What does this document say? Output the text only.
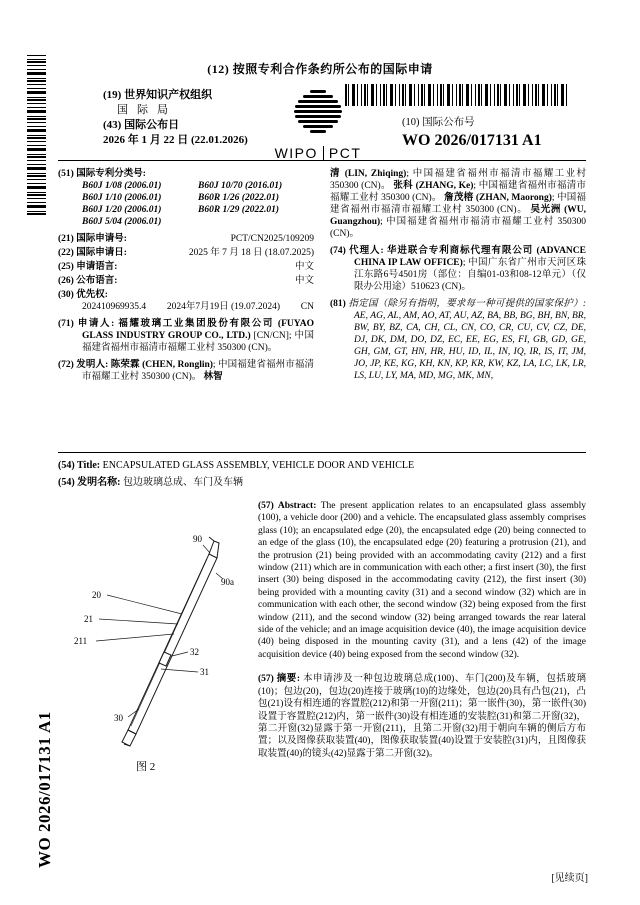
WO 2026/017131 A1
(12) 按照专利合作条约所公布的国际申请
(19) 世界知识产权组织
国际局
(43) 国际公布日
2026 年 1 月 22 日 (22.01.2026)
WIPO PCT
(10) 国际公布号
WO 2026/017131 A1
(51) 国际专利分类号:
B60J 1/08 (2006.01)	B60J 10/70 (2016.01)
B60J 1/10 (2006.01)	B60R 1/26 (2022.01)
B60J 1/20 (2006.01)	B60R 1/29 (2022.01)
B60J 5/04 (2006.01)
(21) 国际申请号:	PCT/CN2025/109209
(22) 国际申请日:	2025 年 7 月 18 日 (18.07.2025)
(25) 申请语言:	中文
(26) 公布语言:	中文
(30) 优先权:
202410969935.4 2024年7月19日 (19.07.2024) CN
(71) 申请人: 福耀玻璃工业集团股份有限公司 (FUYAO GLASS INDUSTRY GROUP CO., LTD.) [CN/CN]; 中国福建省福州市福清市福耀工业村 350300 (CN)。
(72) 发明人: 陈荣霖 (CHEN, Ronglin); 中国福建省福州市福清市福耀工业村 350300 (CN)。 林智
清 (LIN, Zhiqing); 中国福建省福州市福清市福耀工业村 350300 (CN)。 张科 (ZHANG, Ke); 中国福建省福州市福清市福耀工业村 350300 (CN)。 詹茂榕 (ZHAN, Maorong); 中国福建省福州市福清市福耀工业村 350300 (CN)。 吴光洲 (WU, Guangzhou); 中国福建省福州市福清市福耀工业村 350300 (CN)。
(74) 代理人: 华进联合专利商标代理有限公司 (ADVANCE CHINA IP LAW OFFICE); 中国广东省广州市天河区珠江东路6号4501房（部位：自编01-03和08-12单元）（仅限办公用途）510623 (CN)。
(81) 指定国（除另有指明，要求每一种可提供的国家保护）: AE, AG, AL, AM, AO, AT, AU, AZ, BA, BB, BG, BH, BN, BR, BW, BY, BZ, CA, CH, CL, CN, CO, CR, CU, CV, CZ, DE, DJ, DK, DM, DO, DZ, EC, EE, EG, ES, FI, GB, GD, GE, GH, GM, GT, HN, HR, HU, ID, IL, IN, IQ, IR, IS, IT, JM, JO, JP, KE, KG, KH, KN, KP, KR, KW, KZ, LA, LC, LK, LR, LS, LU, LY, MA, MD, MG, MK, MN,
(54) Title: ENCAPSULATED GLASS ASSEMBLY, VEHICLE DOOR AND VEHICLE
(54) 发明名称: 包边玻璃总成、车门及车辆
90
90a
20
21
211
32
31
30
图 2
(57) Abstract: The present application relates to an encapsulated glass assembly (100), a vehicle door (200) and a vehicle. The encapsulated glass assembly comprises glass (10); an encapsulated edge (20), the encapsulated edge (20) being connected to an edge of the glass (10), the encapsulated edge (20) featuring a protrusion (21), and the protrusion (21) being provided with an accommodating cavity (212) and a first window (211) which are in communication with each other; a first insert (30), the first insert (30) being disposed in the accommodating cavity (212), the first insert (30) being provided with a mounting cavity (31) and a second window (32) which are in communication with each other, the second window (32) being exposed from the first window (211), and the second window (32) being arranged towards the rear lateral side of the vehicle; and an image acquisition device (40), the image acquisition device (40) being disposed in the mounting cavity (31), and a lens (42) of the image acquisition device (40) being exposed from the second window (32).
(57) 摘要: 本申请涉及一种包边玻璃总成(100)、车门(200)及车辆，包括玻璃(10)；包边(20)，包边(20)连接于玻璃(10)的边缘处，包边(20)具有凸包(21)，凸包(21)设有相连通的容置腔(212)和第一开窗(211)；第一嵌件(30)，第一嵌件(30)设置于容置腔(212)内，第一嵌件(30)设有相连通的安装腔(31)和第二开窗(32)，第二开窗(32)显露于第一开窗(211)，且第二开窗(32)用于朝向车辆的侧后方布置；以及图像获取装置(40)，图像获取装置(40)设置于安装腔(31)内，且图像获取装置(40)的镜头(42)显露于第二开窗(32)。
[见续页]
